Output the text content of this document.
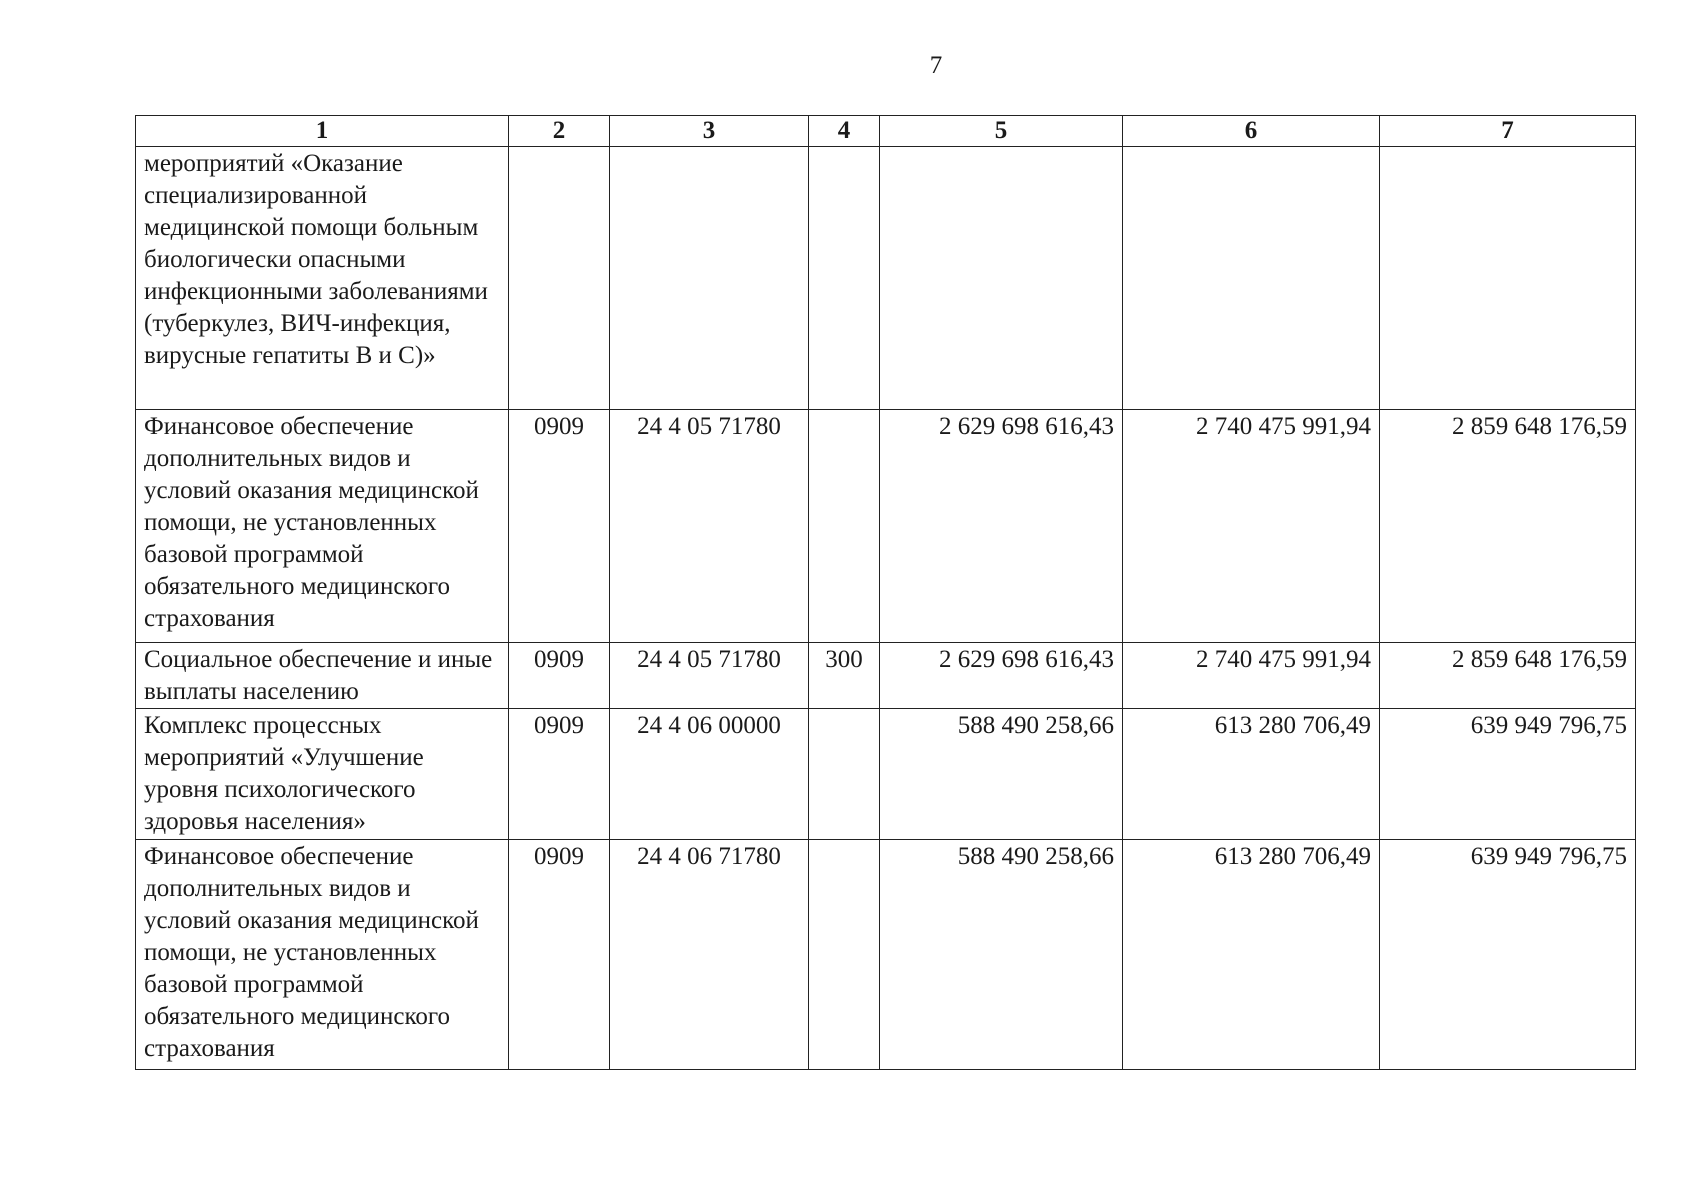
7
1	2	3	4	5	6	7
мероприятий «Оказание специализированной медицинской помощи больным биологически опасными инфекционными заболеваниями (туберкулез, ВИЧ-инфекция, вирусные гепатиты В и С)»						
Финансовое обеспечение дополнительных видов и условий оказания медицинской помощи, не установленных базовой программой обязательного медицинского страхования	0909	24 4 05 71780		2 629 698 616,43	2 740 475 991,94	2 859 648 176,59
Социальное обеспечение и иные выплаты населению	0909	24 4 05 71780	300	2 629 698 616,43	2 740 475 991,94	2 859 648 176,59
Комплекс процессных мероприятий «Улучшение уровня психологического здоровья населения»	0909	24 4 06 00000		588 490 258,66	613 280 706,49	639 949 796,75
Финансовое обеспечение дополнительных видов и условий оказания медицинской помощи, не установленных базовой программой обязательного медицинского страхования	0909	24 4 06 71780		588 490 258,66	613 280 706,49	639 949 796,75
